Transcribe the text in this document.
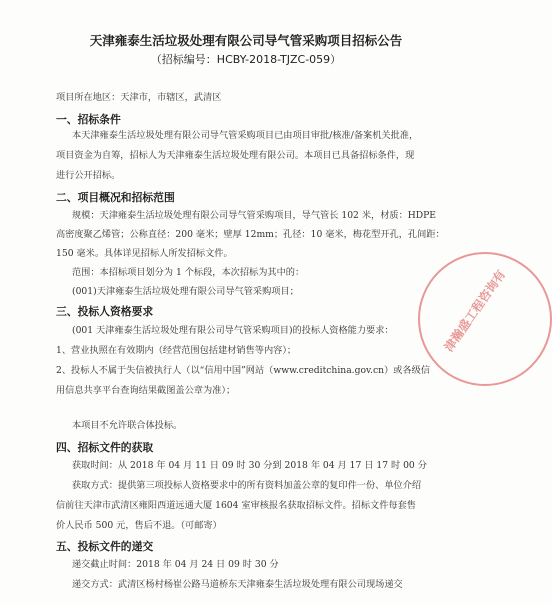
天津雍泰生活垃圾处理有限公司导气管采购项目招标公告
（招标编号：HCBY-2018-TJZC-059）
项目所在地区：天津市，市辖区，武清区
一、招标条件
本天津雍泰生活垃圾处理有限公司导气管采购项目已由项目审批/核准/备案机关批准，
项目资金为自筹，招标人为天津雍泰生活垃圾处理有限公司。本项目已具备招标条件，现
进行公开招标。
二、项目概况和招标范围
规模：天津雍泰生活垃圾处理有限公司导气管采购项目，导气管长 102 米，材质：HDPE
高密度聚乙烯管；公称直径：200 毫米；壁厚 12mm；孔径：10 毫米，梅花型开孔，孔间距：
150 毫米。具体详见招标人所发招标文件。
范围：本招标项目划分为 1 个标段，本次招标为其中的：
(001)天津雍泰生活垃圾处理有限公司导气管采购项目；
三、投标人资格要求
(001 天津雍泰生活垃圾处理有限公司导气管采购项目)的投标人资格能力要求：
1、营业执照在有效期内（经营范围包括建材销售等内容）；
2、投标人不属于失信被执行人（以“信用中国”网站（www.creditchina.gov.cn）或各级信
用信息共享平台查询结果截图盖公章为准）；
本项目不允许联合体投标。
四、招标文件的获取
获取时间：从 2018 年 04 月 11 日 09 时 30 分到 2018 年 04 月 17 日 17 时 00 分
获取方式：提供第三项投标人资格要求中的所有资料加盖公章的复印件一份、单位介绍
信前往天津市武清区雍阳西道远通大厦 1604 室审核报名获取招标文件。招标文件每套售
价人民币 500 元，售后不退。（可邮寄）
五、投标文件的递交
递交截止时间：2018 年 04 月 24 日 09 时 30 分
递交方式：武清区杨村杨崔公路马道桥东天津雍泰生活垃圾处理有限公司现场递交
津瀚盛工程咨询有
